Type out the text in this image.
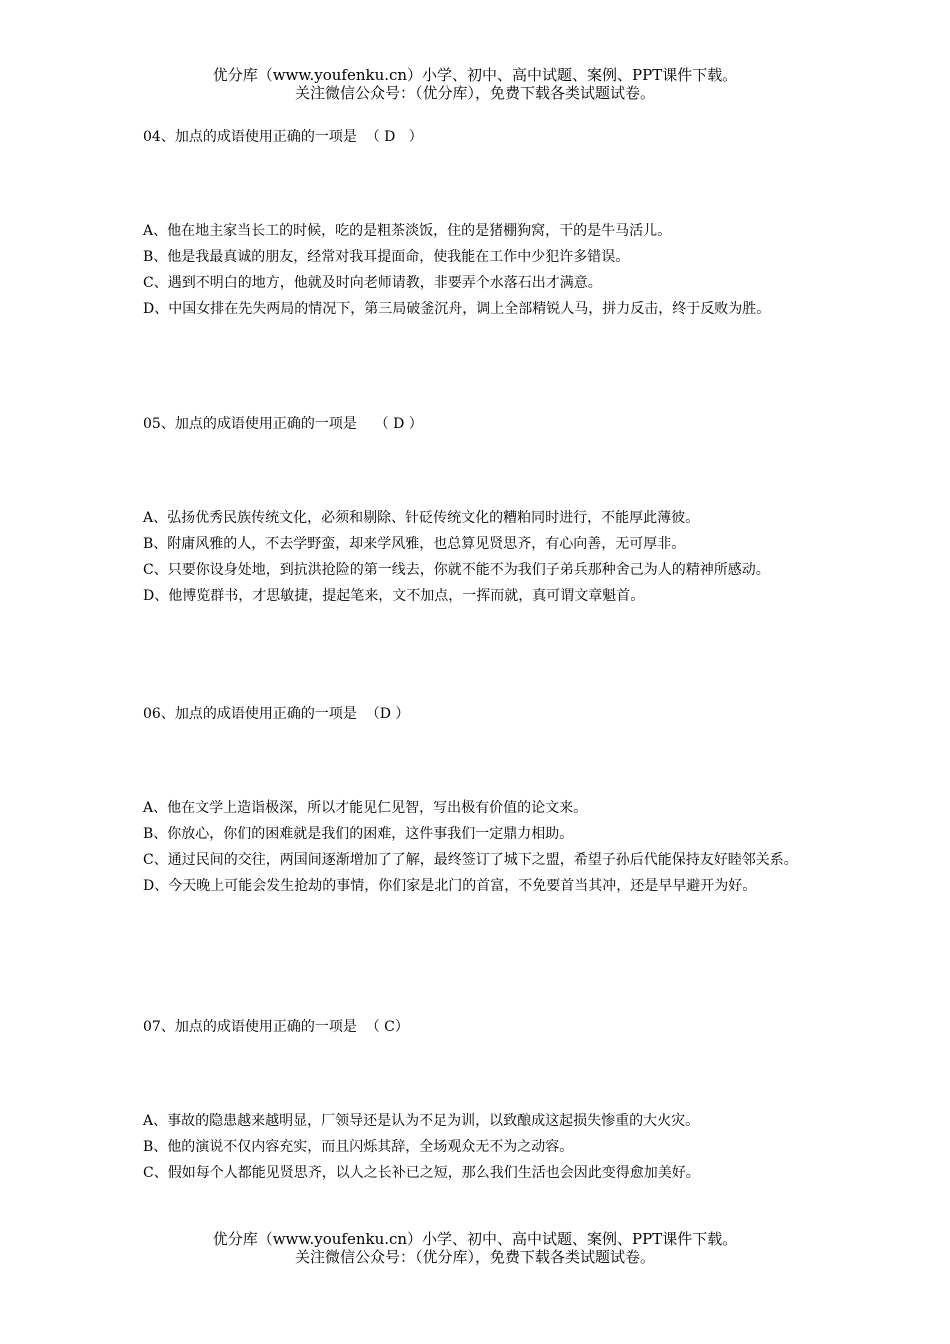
优分库（www.youfenku.cn）小学、初中、高中试题、案例、PPT课件下载。
关注微信公众号：（优分库），免费下载各类试题试卷。
04、加点的成语使用正确的一项是  （ D   ）
A、他在地主家当长工的时候，吃的是粗茶淡饭，住的是猪棚狗窝，干的是牛马活儿。
B、他是我最真诚的朋友，经常对我耳提面命，使我能在工作中少犯许多错误。
C、遇到不明白的地方，他就及时向老师请教，非要弄个水落石出才满意。
D、中国女排在先失两局的情况下，第三局破釜沉舟，调上全部精锐人马，拼力反击，终于反败为胜。
05、加点的成语使用正确的一项是    （ D ）
A、弘扬优秀民族传统文化，必须和剔除、针砭传统文化的糟粕同时进行，不能厚此薄彼。
B、附庸风雅的人，不去学野蛮，却来学风雅，也总算见贤思齐，有心向善，无可厚非。
C、只要你设身处地，到抗洪抢险的第一线去，你就不能不为我们子弟兵那种舍己为人的精神所感动。
D、他博览群书，才思敏捷，提起笔来，文不加点，一挥而就，真可谓文章魁首。
06、加点的成语使用正确的一项是  （D ）
A、他在文学上造诣极深，所以才能见仁见智，写出极有价值的论文来。
B、你放心，你们的困难就是我们的困难，这件事我们一定鼎力相助。
C、通过民间的交往，两国间逐渐增加了了解，最终签订了城下之盟，希望子孙后代能保持友好睦邻关系。
D、今天晚上可能会发生抢劫的事情，你们家是北门的首富，不免要首当其冲，还是早早避开为好。
07、加点的成语使用正确的一项是  （ C）
A、事故的隐患越来越明显，厂领导还是认为不足为训，以致酿成这起损失惨重的大火灾。
B、他的演说不仅内容充实，而且闪烁其辞，全场观众无不为之动容。
C、假如每个人都能见贤思齐，以人之长补已之短，那么我们生活也会因此变得愈加美好。
优分库（www.youfenku.cn）小学、初中、高中试题、案例、PPT课件下载。
关注微信公众号：（优分库），免费下载各类试题试卷。
